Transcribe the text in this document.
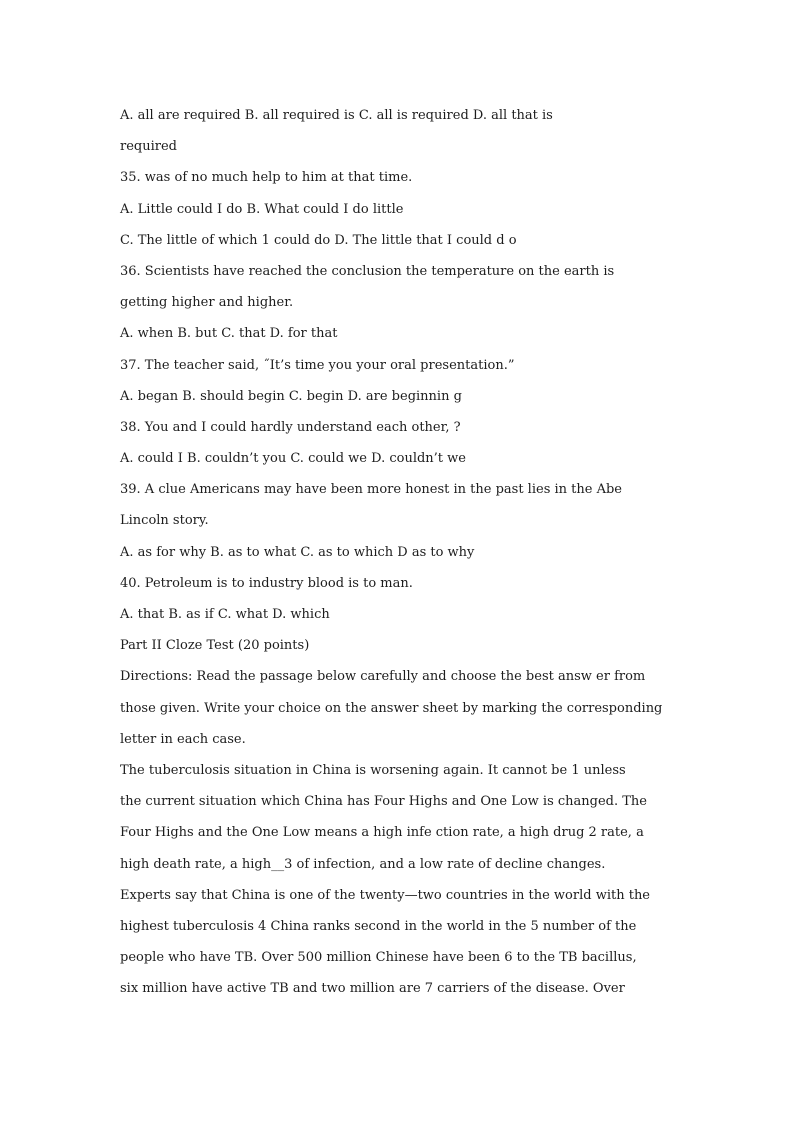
A. all are required B. all required is C. all is required D. all that is
required
35. was of no much help to him at that time.
A. Little could I do B. What could I do little
C. The little of which 1 could do D. The little that I could d o
36. Scientists have reached the conclusion the temperature on the earth is
getting higher and higher.
A. when B. but C. that D. for that
37. The teacher said, ˝It’s time you your oral presentation.”
A. began B. should begin C. begin D. are beginnin g
38. You and I could hardly understand each other, ?
A. could I B. couldn’t you C. could we D. couldn’t we
39. A clue Americans may have been more honest in the past lies in the Abe
Lincoln story.
A. as for why B. as to what C. as to which D as to why
40. Petroleum is to industry blood is to man.
A. that B. as if C. what D. which
Part II Cloze Test (20 points)
Directions: Read the passage below carefully and choose the best answ er from
those given. Write your choice on the answer sheet by marking the corresponding
letter in each case.
The tuberculosis situation in China is worsening again. It cannot be 1 unless
the current situation which China has Four Highs and One Low is changed. The
Four Highs and the One Low means a high infe ction rate, a high drug 2 rate, a
high death rate, a high__3 of infection, and a low rate of decline changes.
Experts say that China is one of the twenty—two countries in the world with the
highest tuberculosis 4 China ranks second in the world in the 5 number of the
people who have TB. Over 500 million Chinese have been 6 to the TB bacillus,
six million have active TB and two million are 7 carriers of the disease. Over
